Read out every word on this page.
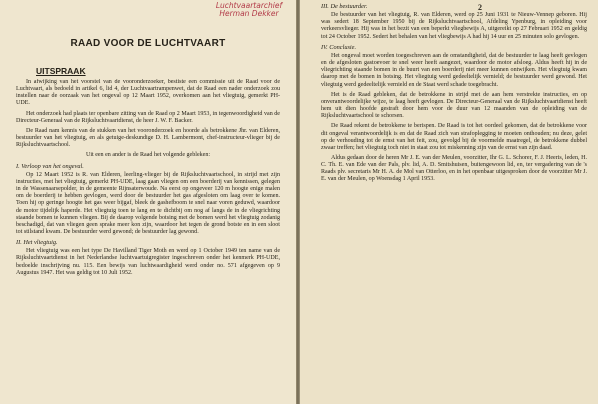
RAAD VOOR DE LUCHTVAART
UITSPRAAK

In afwijking van het voorstel van de vooronderzoeker, bestiste een commissie uit de Raad voor de Luchtvaart, als bedoeld in artikel 6, lid 4, der Luchtvaartrampenwet, dat de Raad een nader onderzoek zou instellen naar de oorzaak van het ongeval op 12 Maart 1952, overkomen aan het vliegtuig, gemerkt PH-UDE.

Het onderzoek had plaats ter openbare zitting van de Raad op 2 Maart 1953, in tegenwoordigheid van de Directeur-Generaal van de Rijksluchtvaartdienst, de heer J. W. F. Backer.

De Raad nam kennis van de stukken van het vooronderzoek en hoorde als betrokkene Jhr. van Elderen, bestuurder van het vliegtuig, en als getuige-deskundige D. H. Lambermont, chef-instructeur-vlieger bij de Rijksluchtvaartschool.

Uit een en ander is de Raad het volgende gebleken:

I. Verloop van het ongeval.

Op 12 Maart 1952 is R. van Elderen, leerling-vlieger bij de Rijksluchtvaartschool, in strijd met zijn instructies, met het vliegtuig, gemerkt PH-UDE, laag gaan vliegen om een boerderij van kennissen, gelegen in de Wassenaarsepolder, in de gemeente Rijnsaterwoude. Na eerst op ongeveer 120 m hoogte enige malen om de boerderij te hebben gevlogen, werd door de bestuurder het gas afgesloten om laag over te komen. Toen hij op geringe hoogte het gas weer bijgaf, bleek de gashefboom te snel naar voren geduwd, waardoor de motor tijdelijk haperde. Het vliegtuig toen te lang en te dichtbij om nog af langs de in de vliegrichting staande bomen te kunnen vliegen. Bij de daarop volgende botsing met de bomen werd het vliegtuig zodanig beschadigd, dat van vliegen geen sprake meer kon zijn, waardoor het tegen de grond botste en in een sloot tot stilstand kwam. De bestuurder werd gewond; de bestuurder lag gewond.

II. Het vliegtuig.

Het vliegtuig was een het type De Havilland Tiger Moth en werd op 1 October 1949 ten name van de Rijksluchtvaartdienst in het Nederlandse luchtvaartuigregister ingeschreven onder het kenmerk PH-UDE, bedoelde inschrijving nu. 115. Een bewijs van luchtwaardigheid werd onder no. 571 afgegeven op 9 Augustus 1947. Het was geldig tot 10 Juli 1952.

III. De bestuurder.

De bestuurder van het vliegtuig, R. van Elderen, werd op 25 Juni 1931 te Nieuw-Vennep geboren. Hij was sedert 18 September 1950 bij de Rijksluchtvaartschool, Afdeling Ypenburg, in opleiding voor verkeersvlieger. Hij was in het bezit van een beperkt vliegbewijs A, uitgereikt op 27 Februari 1952 en geldig tot 24 October 1952. Sedert het behalen van het vliegbewijs A had hij 14 uur en 25 minuten solo gevlogen.

IV. Conclusie.

Het ongeval moet worden toegeschreven aan de omstandigheid, dat de bestuurder te laag heeft gevlogen en de afgesloten gastoevoer te snel weer heeft aangezet, waardoor de motor afsloeg. Aldus heeft hij in de vliegrichting staande bomen in de buurt van een boerderij niet meer kunnen ontwijken. Het vliegtuig kwam daarop met de bomen in botsing. Het vliegtuig werd gedeeltelijk vernield; de bestuurder werd gewond. Het vliegtuig werd gedeeltelijk vernield en de Staat werd schade toegebracht.

Het is de Raad gebleken, dat de betrokkene in strijd met de aan hem verstrekte instructies, en op onverantwoordelijke wijze, te laag heeft gevlogen. De Directeur-Generaal van de Rijksluchtvaartdienst heeft hem uit dien hoofde gestraft door hem voor de duur van 12 maanden van de opleiding van de Rijksluchtvaartschool te schorsen.

De Raad rekent de betrokkene te berispen. De Raad is tot het oordeel gekomen, dat de betrokkene voor dit ongeval verantwoordelijk is en dat de Raad zich van strafoplegging te moeten onthouden; nu deze, gelet op de verhouding tot de ernst van het feit, zou, gevolgd bij de voormelde maatregel, de betrokkene dubbel zwaar treffen; het vliegtuig toch niet in staat zou tot miskenning zijn van de ernst van zijn daad.

Aldus gedaan door de heren Mr J. E. van der Meulen, voorzitter, Ihr G. L. Schorer, F. J. Heeris, leden, H. C. Th. E. van Ede van der Pals, plv. lid, A. D. Smitshuisen, buitengewoon lid, en, ter vergadering van de 's Raads plv. secretaris Mr H. A. de Mol van Otterloo, en in het openbaar uitgesproken door de voorzitter Mr J. E. van der Meulen, op Woensdag 1 April 1953.

Luchtvaartarchief
Herman Dekker
2
